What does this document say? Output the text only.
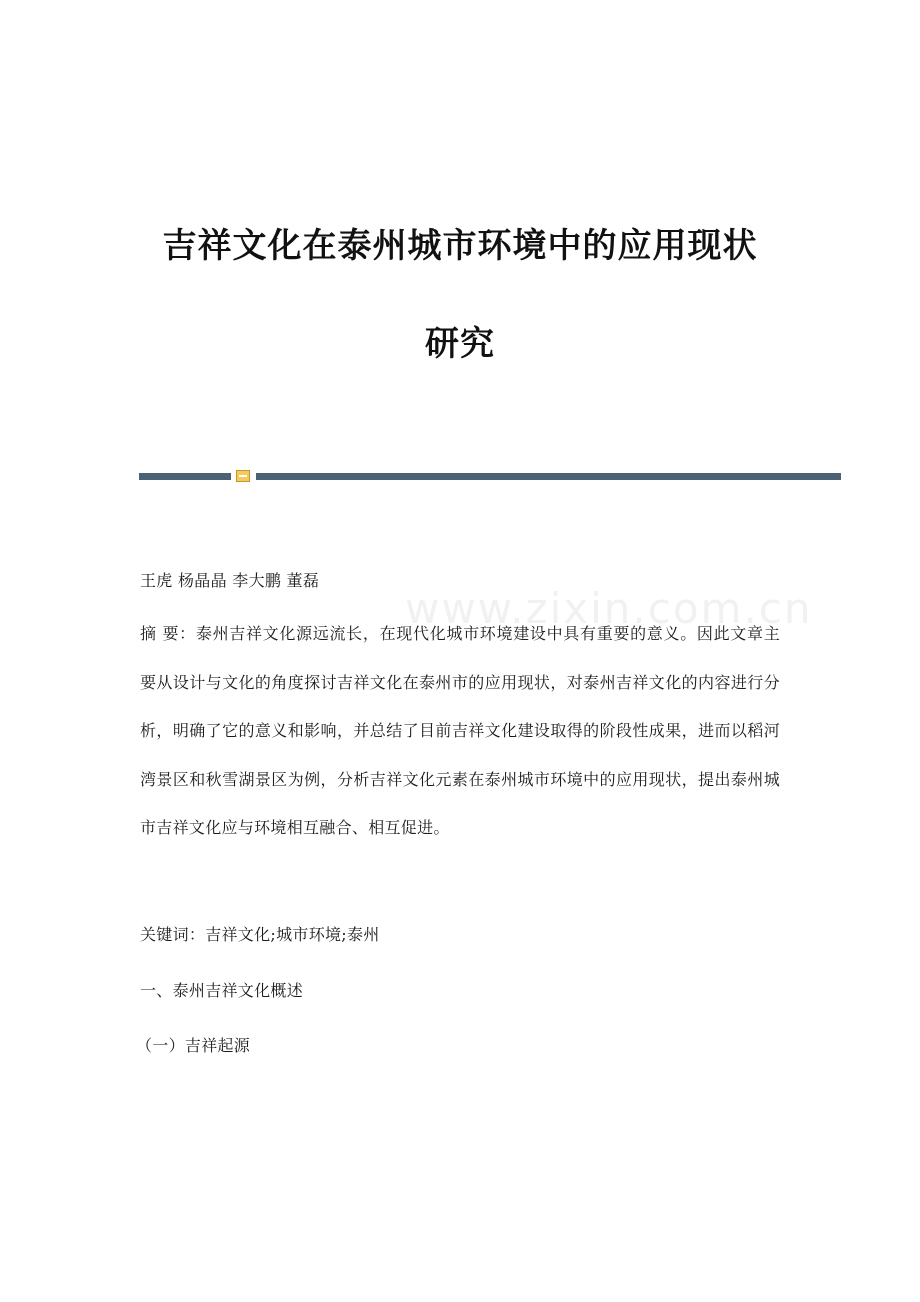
吉祥文化在泰州城市环境中的应用现状
研究
www.zixin.com.cn
王虎 杨晶晶 李大鹏 董磊
摘 要：泰州吉祥文化源远流长，在现代化城市环境建设中具有重要的意义。因此文章主要从设计与文化的角度探讨吉祥文化在泰州市的应用现状，对泰州吉祥文化的内容进行分析，明确了它的意义和影响，并总结了目前吉祥文化建设取得的阶段性成果，进而以稻河湾景区和秋雪湖景区为例，分析吉祥文化元素在泰州城市环境中的应用现状，提出泰州城市吉祥文化应与环境相互融合、相互促进。
关键词：吉祥文化;城市环境;泰州
一、泰州吉祥文化概述
（一）吉祥起源
